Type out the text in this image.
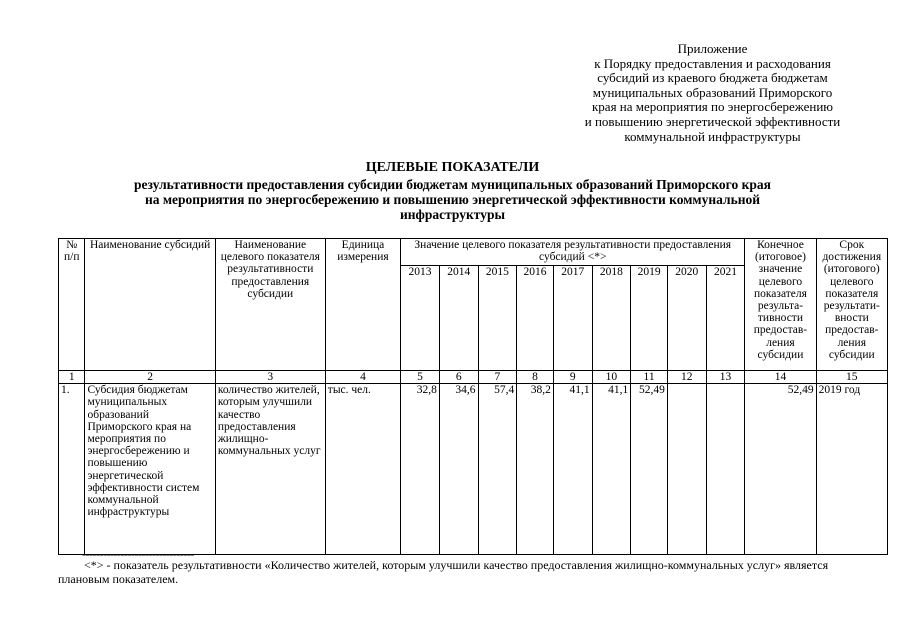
Приложение
к Порядку предоставления и расходования
субсидий из краевого бюджета бюджетам
муниципальных образований Приморского
края на мероприятия по энергосбережению
и повышению энергетической эффективности
коммунальной инфраструктуры
ЦЕЛЕВЫЕ ПОКАЗАТЕЛИ
результативности предоставления субсидии бюджетам муниципальных образований Приморского края
на мероприятия по энергосбережению и повышению энергетической эффективности коммунальной
инфраструктуры
№ п/п	Наименование субсидий	Наименование целевого показателя результативности предоставления субсидии	Единица измерения	Значение целевого показателя результативности предоставления субсидий <*>									Конечное (итоговое) значение целевого показателя результа-тивности предостав-ления субсидии	Срок достижения (итогового) целевого показателя результати-вности предостав-ления субсидии
				2013	2014	2015	2016	2017	2018	2019	2020	2021		
1	2	3	4	5	6	7	8	9	10	11	12	13	14	15
1.	Субсидия бюджетам муниципальных образований Приморского края на мероприятия по энергосбережению и повышению энергетической эффективности систем коммунальной инфраструктуры	количество жителей, которым улучшили качество предоставления жилищно-коммунальных услуг	тыс. чел.	32,8	34,6	57,4	38,2	41,1	41,1	52,49			52,49	2019 год
--------------------------------
<*> - показатель результативности «Количество жителей, которым улучшили качество предоставления жилищно-коммунальных услуг» является плановым показателем.
